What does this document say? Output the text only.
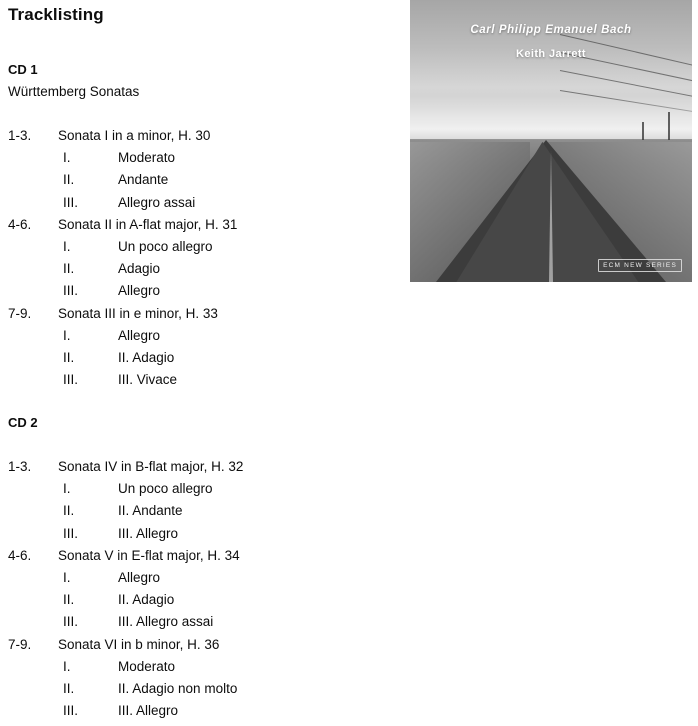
Tracklisting
Carl Philipp Emanuel Bach
Keith Jarrett
ECM NEW SERIES
CD 1
Württemberg Sonatas
1-3.	Sonata I in a minor, H. 30
I.	Moderato
II.	Andante
III.	Allegro assai
4-6.	Sonata II in A-flat major, H. 31
I.	Un poco allegro
II.	Adagio
III.	Allegro
7-9.	Sonata III in e minor, H. 33
I.	Allegro
II.	II. Adagio
III.	III. Vivace
CD 2
1-3.	Sonata IV in B-flat major, H. 32
I.	Un poco allegro
II.	II. Andante
III.	III. Allegro
4-6.	Sonata V in E-flat major, H. 34
I.	Allegro
II.	II. Adagio
III.	III. Allegro assai
7-9.	Sonata VI in b minor, H. 36
I.	Moderato
II.	II. Adagio non molto
III.	III. Allegro
